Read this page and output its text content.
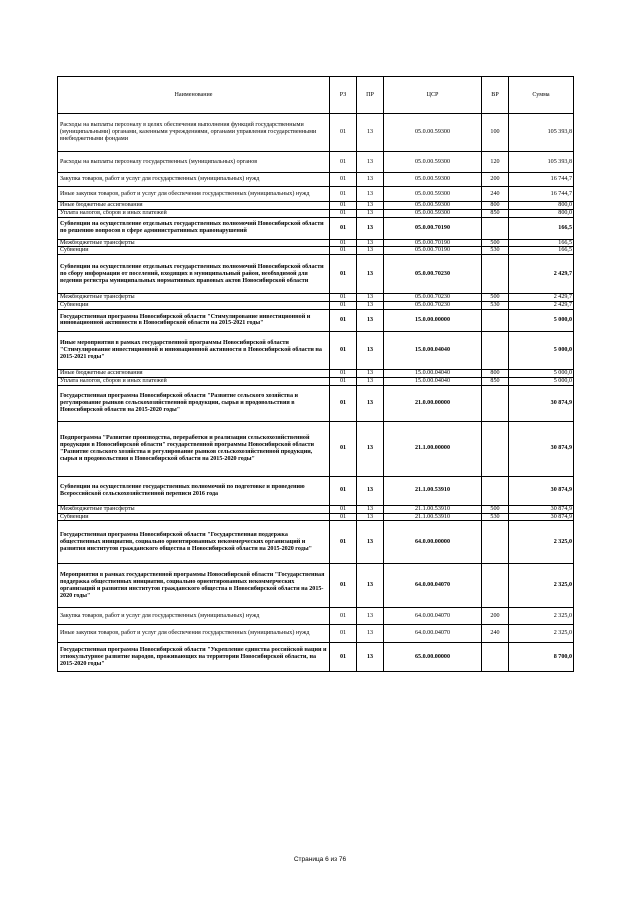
Наименование	РЗ	ПР	ЦСР	ВР	Сумма
Расходы на выплаты персоналу в целях обеспечения выполнения функций государственными (муниципальными) органами, казенными учреждениями, органами управления государственными внебюджетными фондами	01	13	05.0.00.59300	100	105 393,8
Расходы на выплаты персоналу государственных (муниципальных) органов	01	13	05.0.00.59300	120	105 393,8
Закупка товаров, работ и услуг для государственных (муниципальных) нужд	01	13	05.0.00.59300	200	16 744,7
Иные закупки товаров, работ и услуг для обеспечения государственных (муниципальных) нужд	01	13	05.0.00.59300	240	16 744,7
Иные бюджетные ассигнования	01	13	05.0.00.59300	800	800,0
Уплата налогов, сборов и иных платежей	01	13	05.0.00.59300	850	800,0
Субвенции на осуществление отдельных государственных полномочий Новосибирской области по решению вопросов в сфере административных правонарушений	01	13	05.0.00.70190		166,5
Межбюджетные трансферты	01	13	05.0.00.70190	500	166,5
Субвенции	01	13	05.0.00.70190	530	166,5
Субвенции на осуществление отдельных государственных полномочий Новосибирской области по сбору информации от поселений, входящих в муниципальный район, необходимой для ведения регистра муниципальных нормативных правовых актов Новосибирской области	01	13	05.0.00.70230		2 429,7
Межбюджетные трансферты	01	13	05.0.00.70230	500	2 429,7
Субвенции	01	13	05.0.00.70230	530	2 429,7
Государственная программа Новосибирской области "Стимулирование инвестиционной и инновационной активности в Новосибирской области на 2015-2021 годы"	01	13	15.0.00.00000		5 000,0
Иные мероприятия в рамках государственной программы Новосибирской области "Стимулирование инвестиционной и инновационной активности в Новосибирской области на 2015-2021 годы"	01	13	15.0.00.04040		5 000,0
Иные бюджетные ассигнования	01	13	15.0.00.04040	800	5 000,0
Уплата налогов, сборов и иных платежей	01	13	15.0.00.04040	850	5 000,0
Государственная программа Новосибирской области "Развитие сельского хозяйства и регулирование рынков сельскохозяйственной продукции, сырья и продовольствия в Новосибирской области на 2015-2020 годы"	01	13	21.0.00.00000		30 874,9
Подпрограмма "Развитие производства, переработки и реализации сельскохозяйственной продукции в Новосибирской области" государственной программы Новосибирской области "Развитие сельского хозяйства и регулирование рынков сельскохозяйственной продукции, сырья и продовольствия в Новосибирской области на 2015-2020 годы"	01	13	21.1.00.00000		30 874,9
Субвенции на осуществление государственных полномочий по подготовке и проведению Всероссийской сельскохозяйственной переписи 2016 года	01	13	21.1.00.53910		30 874,9
Межбюджетные трансферты	01	13	21.1.00.53910	500	30 874,9
Субвенции	01	13	21.1.00.53910	530	30 874,9
Государственная программа Новосибирской области "Государственная поддержка общественных инициатив, социально ориентированных некоммерческих организаций и развития институтов гражданского общества в Новосибирской области на 2015-2020 годы"	01	13	64.0.00.00000		2 325,0
Мероприятия в рамках государственной программы Новосибирской области "Государственная поддержка общественных инициатив, социально ориентированных некоммерческих организаций и развития институтов гражданского общества в Новосибирской области на 2015-2020 годы"	01	13	64.0.00.04070		2 325,0
Закупка товаров, работ и услуг для государственных (муниципальных) нужд	01	13	64.0.00.04070	200	2 325,0
Иные закупки товаров, работ и услуг для обеспечения государственных (муниципальных) нужд	01	13	64.0.00.04070	240	2 325,0
Государственная программа Новосибирской области "Укрепление единства российской нации и этнокультурное развитие народов, проживающих на территории Новосибирской области, на 2015-2020 годы"	01	13	65.0.00.00000		8 700,0
Страница 6 из 76
